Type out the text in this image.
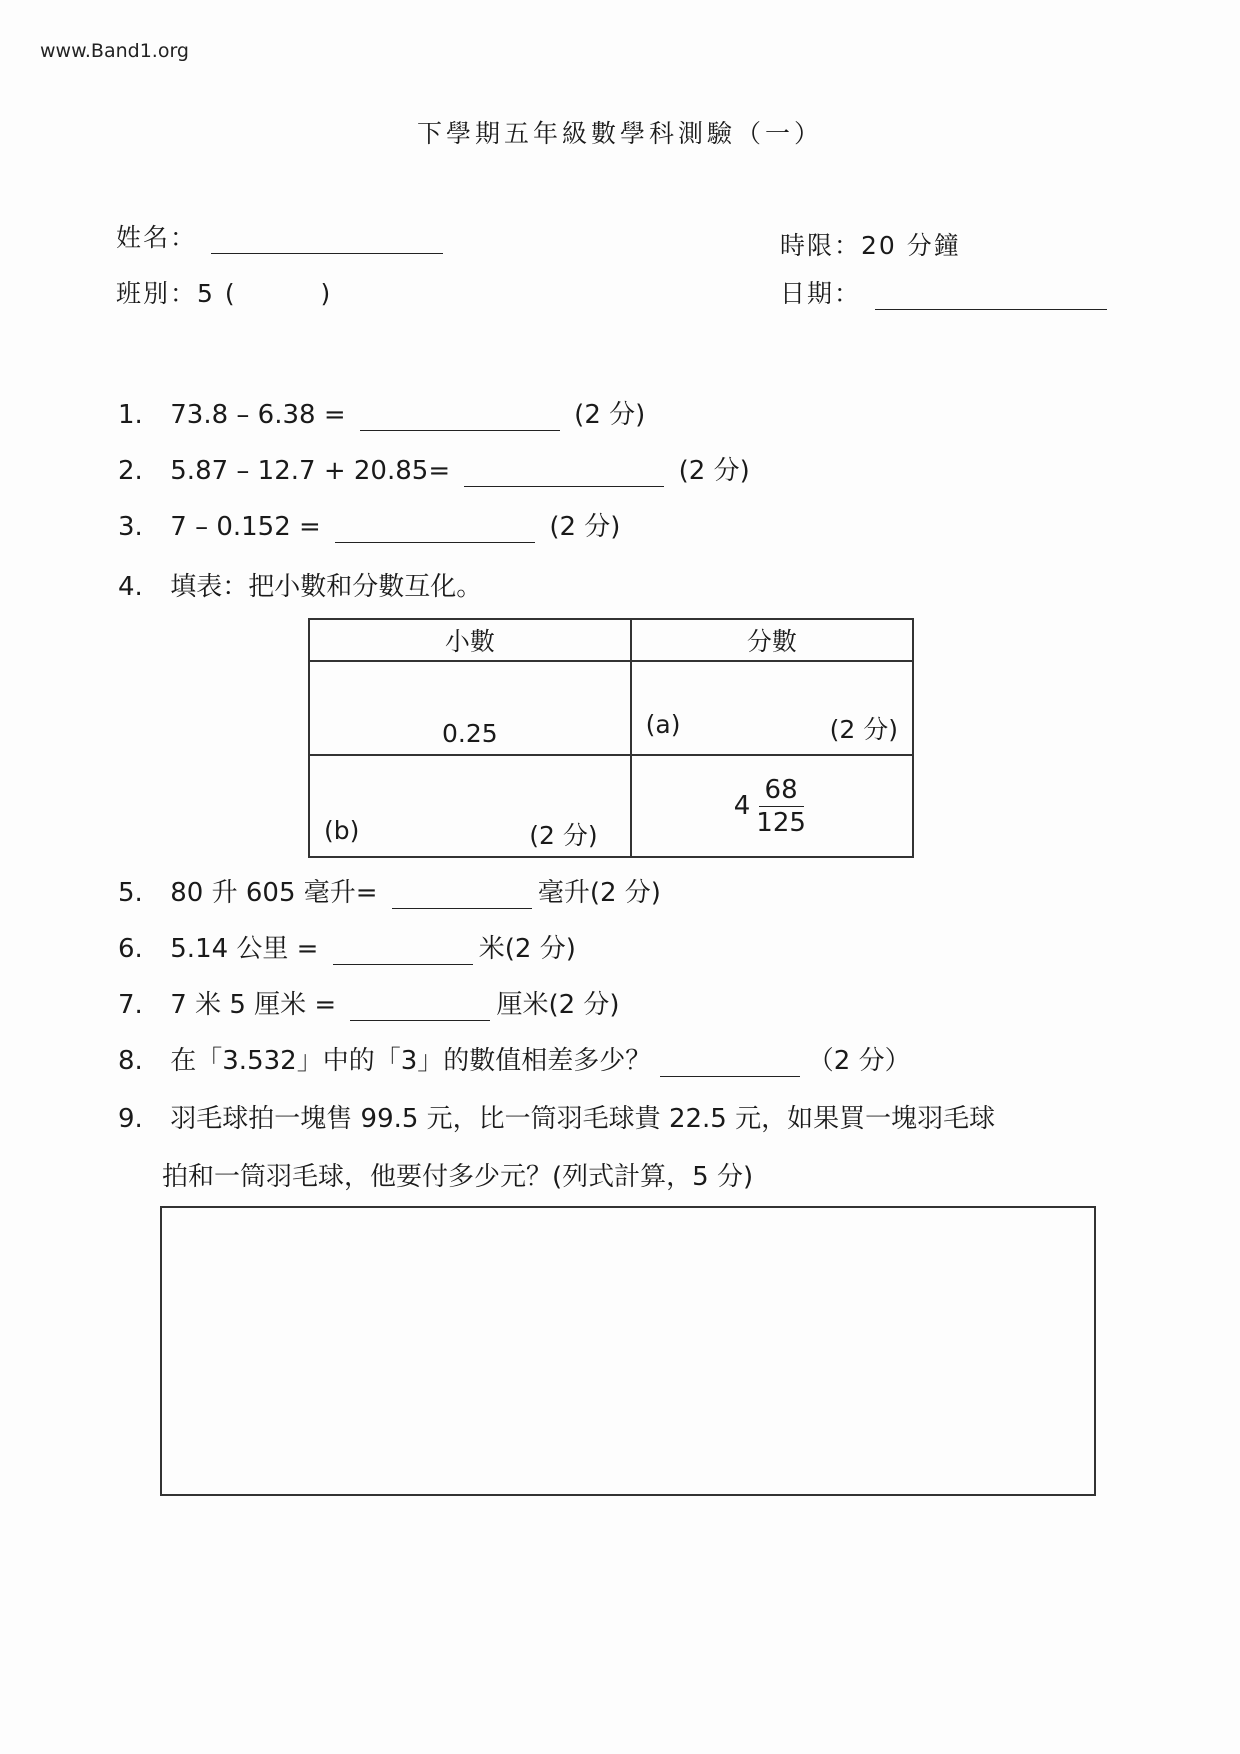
www.Band1.org
下學期五年級數學科測驗（一）
姓名：
班別：5 (	)
時限：20 分鐘
日期：
1. 73.8 – 6.38 =	(2 分)
2. 5.87 – 12.7 + 20.85=	(2 分)
3. 7 – 0.152 =	(2 分)
4. 填表：把小數和分數互化。
小數	分數
0.25	(a) (2 分)

(b) (2 分)	$4 \frac{68}{125}$
5. 80 升 605 毫升=	毫升(2 分)
6. 5.14 公里 =	米(2 分)
7. 7 米 5 厘米 =	厘米(2 分)
8. 在「3.532」中的「3」的數值相差多少？	（2 分）
9. 羽毛球拍一塊售 99.5 元，比一筒羽毛球貴 22.5 元，如果買一塊羽毛球
拍和一筒羽毛球，他要付多少元？(列式計算，5 分)
